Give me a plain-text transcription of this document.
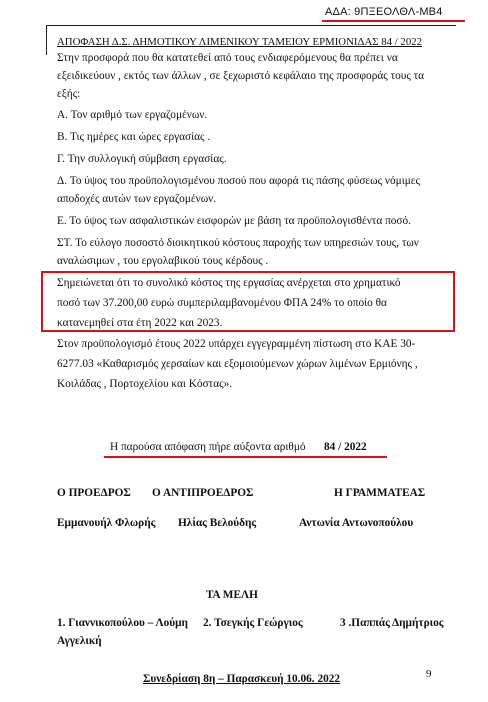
ΑΔΑ: 9ΠΞΕΟΛΘΛ-ΜΒ4
ΑΠΟΦΑΣΗ Δ.Σ. ΔΗΜΟΤΙΚΟΥ ΛΙΜΕΝΙΚΟΥ ΤΑΜΕΙΟΥ ΕΡΜΙΟΝΙΔΑΣ 84 / 2022
Στην προσφορά που θα κατατεθεί από τους ενδιαφερόμενους θα πρέπει να
εξειδικεύουν , εκτός των άλλων , σε ξεχωριστό κεφάλαιο της προσφοράς τους τα
εξής:
Α. Τον αριθμό των εργαζομένων.
Β. Τις ημέρες και ώρες εργασίας .
Γ. Την συλλογική σύμβαση εργασίας.
Δ. Το ύψος του προϋπολογισμένου ποσού που αφορά τις πάσης φύσεως νόμιμες
αποδοχές αυτών των εργαζομένων.
Ε. Το ύψος των ασφαλιστικών εισφορών με βάση τα προϋπολογισθέντα ποσό.
ΣΤ. Το εύλογο ποσοστό διοικητικού κόστους παροχής των υπηρεσιών τους, των
αναλώσιμων , του εργολαβικού τους κέρδους .
Σημειώνεται ότι το συνολικό κόστος της εργασίας ανέρχεται στο χρηματικό
ποσό των 37.200,00 ευρώ συμπεριλαμβανομένου ΦΠΑ 24% το οποίο θα
κατανεμηθεί στα έτη 2022 και 2023.
Στον προϋπολογισμό έτους 2022 υπάρχει εγγεγραμμένη πίστωση στο ΚΑΕ 30-
6277.03 «Καθαρισμός χερσαίων και εξομοιούμενων χώρων λιμένων Ερμιόνης ,
Κοιλάδας , Πορτοχελίου και Κόστας».
Η παρούσα απόφαση πήρε αύξοντα αριθμό 84 / 2022
Ο ΠΡΟΕΔΡΟΣ Ο ΑΝΤΙΠΡΟΕΔΡΟΣ	Η ΓΡΑΜΜΑΤΕΑΣ
Εμμανουήλ Φλωρής Ηλίας Βελούδης	Αντωνία Αντωνοπούλου
ΤΑ ΜΕΛΗ
1. Γιαννικοπούλου – Λούμη
Αγγελική
2. Τσεγκής Γεώργιος	3 .Παππάς Δημήτριος
Συνεδρίαση 8η – Παρασκευή 10.06. 2022	9
